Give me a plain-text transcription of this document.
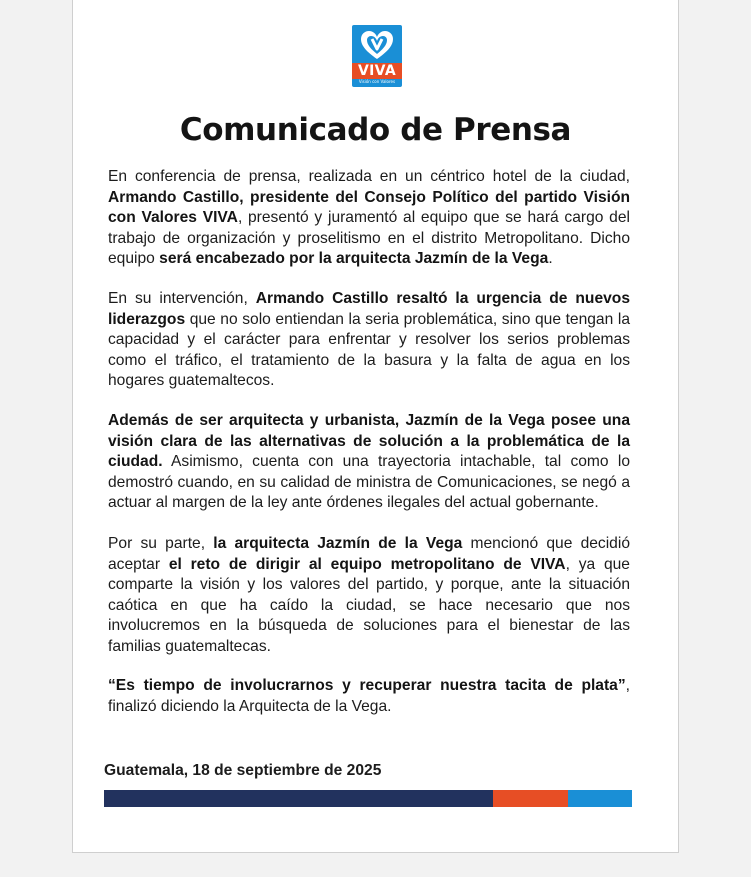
VIVA
Visión con Valores
Comunicado de Prensa
En conferencia de prensa, realizada en un céntrico hotel de la ciudad, Armando Castillo, presidente del Consejo Político del partido Visión con Valores VIVA, presentó y juramentó al equipo que se hará cargo del trabajo de organización y proselitismo en el distrito Metropolitano. Dicho equipo será encabezado por la arquitecta Jazmín de la Vega.
En su intervención, Armando Castillo resaltó la urgencia de nuevos liderazgos que no solo entiendan la seria problemática, sino que tengan la capacidad y el carácter para enfrentar y resolver los serios problemas como el tráfico, el tratamiento de la basura y la falta de agua en los hogares guatemaltecos.
Además de ser arquitecta y urbanista, Jazmín de la Vega posee una visión clara de las alternativas de solución a la problemática de la ciudad. Asimismo, cuenta con una trayectoria intachable, tal como lo demostró cuando, en su calidad de ministra de Comunicaciones, se negó a actuar al margen de la ley ante órdenes ilegales del actual gobernante.
Por su parte, la arquitecta Jazmín de la Vega mencionó que decidió aceptar el reto de dirigir al equipo metropolitano de VIVA, ya que comparte la visión y los valores del partido, y porque, ante la situación caótica en que ha caído la ciudad, se hace necesario que nos involucremos en la búsqueda de soluciones para el bienestar de las familias guatemaltecas.
“Es tiempo de involucrarnos y recuperar nuestra tacita de plata”, finalizó diciendo la Arquitecta de la Vega.
Guatemala, 18 de septiembre de 2025
